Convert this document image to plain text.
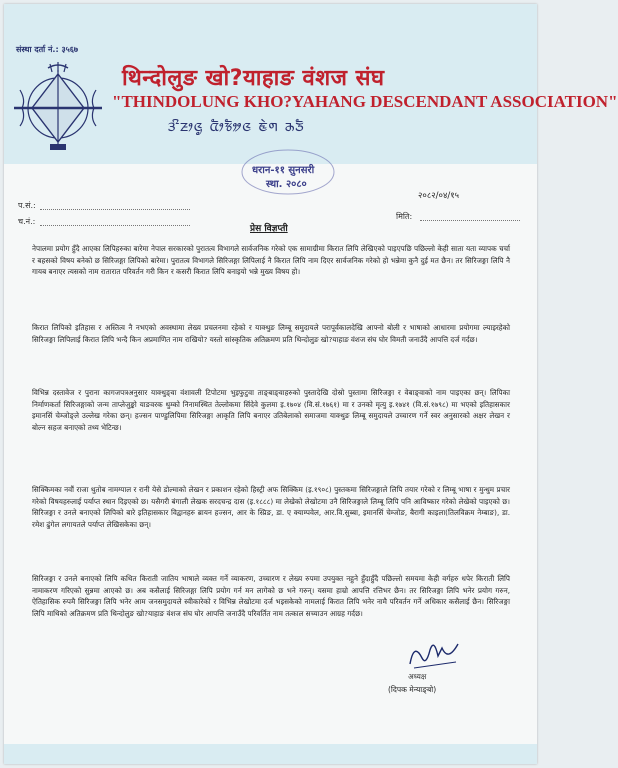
संस्था दर्ता नं.: ३५६७
थिन्दोलुङ खो?याहाङ वंशज संघ
"THINDOLUNG KHO?YAHANG DESCENDANT ASSOCIATION"
ᤋᤡᤏᤣᤜᤢ ᤂᤥᤃᤦᤜ ᤇᤧᤛ ᤌᤍᤠ
धरान-११ सुनसरी
स्था. २०८०
२०८२/०४/१५
प.सं.:
च.नं.:
मिति:
प्रेस विज्ञप्ती
नेपालमा प्रयोग हुँदै आएका लिपिहरुका बारेमा नेपाल सरकारको पुरातत्व विभागले सार्वजनिक गरेको एक सामाग्रीमा किरात लिपि लेखिएको पाइएपछि पछिल्लो केही साता यता व्यापक चर्चा र बहसको विषय बनेको छ सिरिजङ्गा लिपिको बारेमा। पुरातत्व विभागले सिरिजङ्गा लिपिलाई नै किरात लिपि नाम दिएर सार्वजनिक गरेको हो भन्नेमा कुनै दुई मत छैन। तर सिरिजङ्गा लिपि नै गायब बनाएर त्यसको नाम रातारात परिवर्तन गरी किन र कसरी किरात लिपि बनाइयो भन्ने मुख्य विषय हो।
किरात लिपिको इतिहास र अस्तित्व नै नभएको अवस्थामा लेख्य प्रचलनमा रहेको र याक्थुङ लिम्बू समुदायले परापूर्वकालदेखि आफ्नो बोली र भाषाको आधारमा प्रयोगमा ल्याइरहेको सिरिजङ्गा लिपिलाई किरात लिपि भन्दै किन अप्रमाणित नाम राखियो? यस्तो सांस्कृतिक अतिक्रमण प्रति थिन्दोलुङ खो?याहाङ वंशज संघ घोर विमती जनाउँदै आपत्ति दर्ज गर्दछ।
विभिन्न दस्तावेज र पुराना कागजपत्रअनुसार याक्थुङ्वा वंशावली टिपोटमा भुइफुटुवा ताङ्बाङ्वाहरुको पुस्तादेखि दोस्रो पुस्तामा सिरिजङ्गा र वेबाङ्वाको नाम पाइएका छन्। लिपिका निर्माणकर्ता सिरिजङ्गाको जन्म ताप्लेजुङ्को याङवरक थुम्को निनामस्थित तेल्लोकमा सिंदेवे कुलमा इ.१७०४ (वि.सं.१७६१) मा र उनको मृत्यु इ.१७४१ (वि.सं.१७९८) मा भएको इतिहासकार इमानसिं चेम्जोङ्ले उल्लेख गरेका छन्। हज्सन पाण्डुलिपिमा सिरिजङ्गा आकृति लिपि बनाएर उतिबेलाको समाजमा याक्थुङ लिम्बू समुदायले उच्चारण गर्ने स्वर अनुसारको अक्षर लेखन र बोल्न सहज बनाएको तथ्य भेटिन्छ।
सिक्किमका नवौं राजा थुतोब नामग्याल र रानी येसे डोल्माको लेखन र प्रकाशन रहेको हिस्ट्री अफ सिक्किम (इ.१९०८) पुस्तकमा सिरिजङ्गाले लिपि तयार गरेको र लिम्बू भाषा र मुन्धुम प्रचार गरेको विषयहरुलाई पर्याप्त स्थान दिइएको छ। यसैगरी बंगाली लेखक सरदचन्द्र दास (इ.१८८८) मा लेखेको लेखोटमा उनै सिरिजङ्गाले लिम्बू लिपि पनि आविष्कार गरेको लेखेको पाइएको छ। सिरिजङ्गा र उनले बनाएको लिपिको बारे इतिहासकार विद्वानहरु ब्रायन हज्सन, आर के स्प्रिङ, डा. ए क्याम्पवेल, आर.वि.सुब्बा, इमानसिं चेम्जोङ, बैरागी काइला(तिलविक्रम नेम्बाङ), डा. रमेश ढुंगेल लगायतले पर्याप्त लेखिसकेका छन्।
सिरिजङ्गा र उनले बनाएको लिपि कथित किराती जातिय भाषाले व्यक्त गर्ने व्याकरण, उच्चारण र लेख्य रुपमा उपयुक्त नहुने हुँदाहुँदै पछिल्लो समयमा केही वर्गहरु धपेर किराती लिपि नामाकरण गरिएको सुन्नमा आएको छ। अब कसैलाई सिरिजङ्गा लिपि प्रयोग गर्न मन लागेको छ भने गरुन्। यसमा हाम्रो आपत्ति रत्तिभर छैन। तर सिरिजङ्गा लिपि भनेर प्रयोग गरुन, ऐतिहासिक रुपमै सिरिजङ्गा लिपि भनेर आम जनसमुदायले स्वीकारेको र विभिन्न लेखोटमा दर्ज भइसकेको नामलाई किरात लिपि भनेर नामै परिवर्तन गर्ने अधिकार कसैलाई छैन। सिरिजङ्गा लिपि माथिको अतिक्रमण प्रति थिन्दोलुङ खो?याहाङ वंशज संघ घोर आपत्ति जनाउँदै परिवर्तित नाम तत्काल सच्याउन आग्रह गर्दछ।
अध्यक्ष
(दिपक मेन्याङ्बो)
